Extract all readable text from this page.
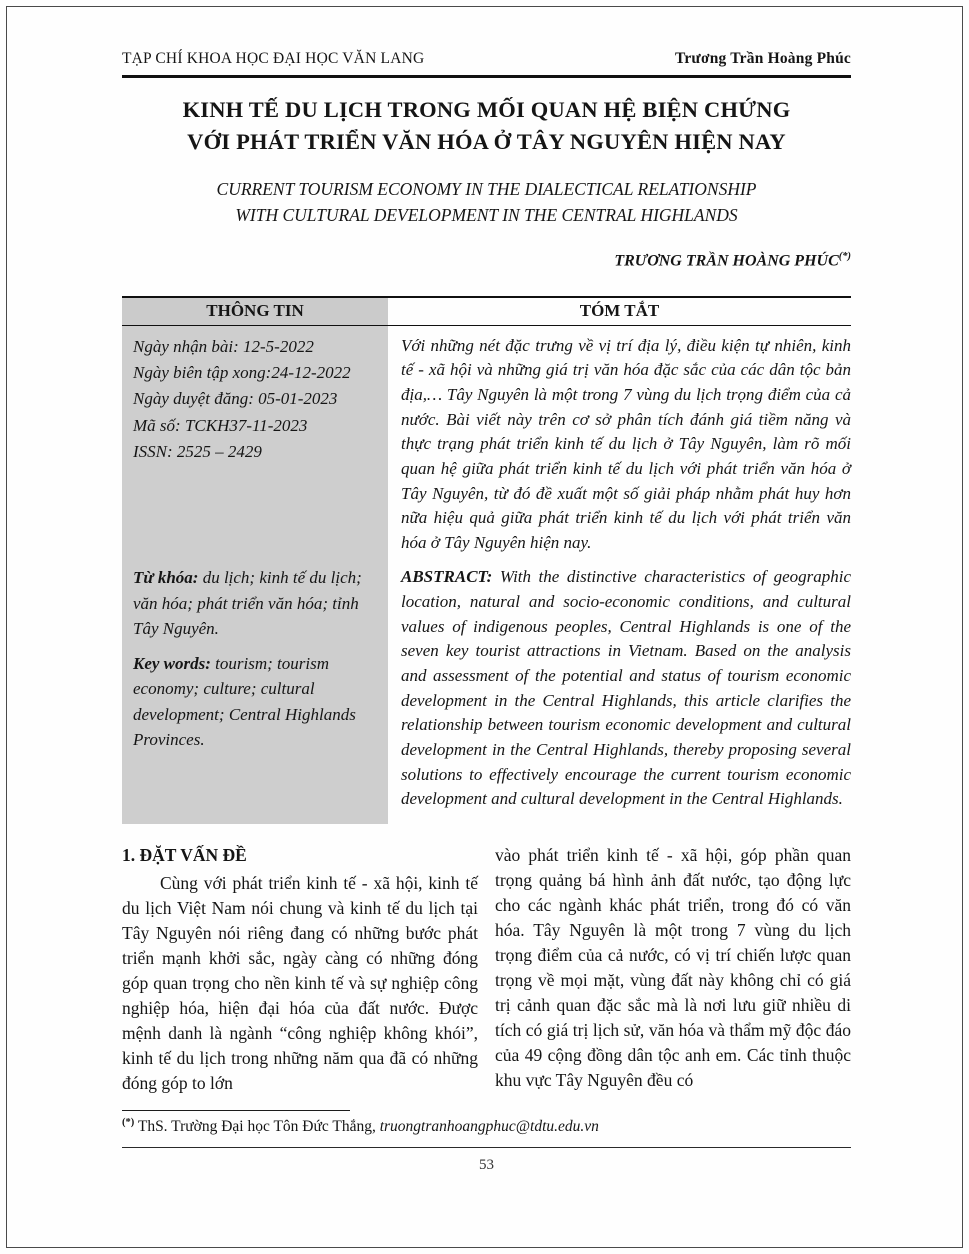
TẠP CHÍ KHOA HỌC ĐẠI HỌC VĂN LANG	Trương Trần Hoàng Phúc
KINH TẾ DU LỊCH TRONG MỐI QUAN HỆ BIỆN CHỨNG
VỚI PHÁT TRIỂN VĂN HÓA Ở TÂY NGUYÊN HIỆN NAY
CURRENT TOURISM ECONOMY IN THE DIALECTICAL RELATIONSHIP
WITH CULTURAL DEVELOPMENT IN THE CENTRAL HIGHLANDS
TRƯƠNG TRẦN HOÀNG PHÚC(*)
THÔNG TIN	TÓM TẮT
Ngày nhận bài: 12-5-2022
Ngày biên tập xong:24-12-2022
Ngày duyệt đăng: 05-01-2023
Mã số: TCKH37-11-2023
ISSN: 2525 – 2429
Từ khóa: du lịch; kinh tế du lịch; văn hóa; phát triển văn hóa; tỉnh Tây Nguyên.
Key words: tourism; tourism economy; culture; cultural development; Central Highlands Provinces.
Với những nét đặc trưng về vị trí địa lý, điều kiện tự nhiên, kinh tế - xã hội và những giá trị văn hóa đặc sắc của các dân tộc bản địa,… Tây Nguyên là một trong 7 vùng du lịch trọng điểm của cả nước. Bài viết này trên cơ sở phân tích đánh giá tiềm năng và thực trạng phát triển kinh tế du lịch ở Tây Nguyên, làm rõ mối quan hệ giữa phát triển kinh tế du lịch với phát triển văn hóa ở Tây Nguyên, từ đó đề xuất một số giải pháp nhằm phát huy hơn nữa hiệu quả giữa phát triển kinh tế du lịch với phát triển văn hóa ở Tây Nguyên hiện nay.
ABSTRACT: With the distinctive characteristics of geographic location, natural and socio-economic conditions, and cultural values of indigenous peoples, Central Highlands is one of the seven key tourist attractions in Vietnam. Based on the analysis and assessment of the potential and status of tourism economic development in the Central Highlands, this article clarifies the relationship between tourism economic development and cultural development in the Central Highlands, thereby proposing several solutions to effectively encourage the current tourism economic development and cultural development in the Central Highlands.
1. ĐẶT VẤN ĐỀ
Cùng với phát triển kinh tế - xã hội, kinh tế du lịch Việt Nam nói chung và kinh tế du lịch tại Tây Nguyên nói riêng đang có những bước phát triển mạnh khởi sắc, ngày càng có những đóng góp quan trọng cho nền kinh tế và sự nghiệp công nghiệp hóa, hiện đại hóa của đất nước. Được mệnh danh là ngành “công nghiệp không khói”, kinh tế du lịch trong những năm qua đã có những đóng góp to lớn
vào phát triển kinh tế - xã hội, góp phần quan trọng quảng bá hình ảnh đất nước, tạo động lực cho các ngành khác phát triển, trong đó có văn hóa. Tây Nguyên là một trong 7 vùng du lịch trọng điểm của cả nước, có vị trí chiến lược quan trọng về mọi mặt, vùng đất này không chỉ có giá trị cảnh quan đặc sắc mà là nơi lưu giữ nhiều di tích có giá trị lịch sử, văn hóa và thẩm mỹ độc đáo của 49 cộng đồng dân tộc anh em. Các tỉnh thuộc khu vực Tây Nguyên đều có
(*) ThS. Trường Đại học Tôn Đức Thắng, truongtranhoangphuc@tdtu.edu.vn
53
